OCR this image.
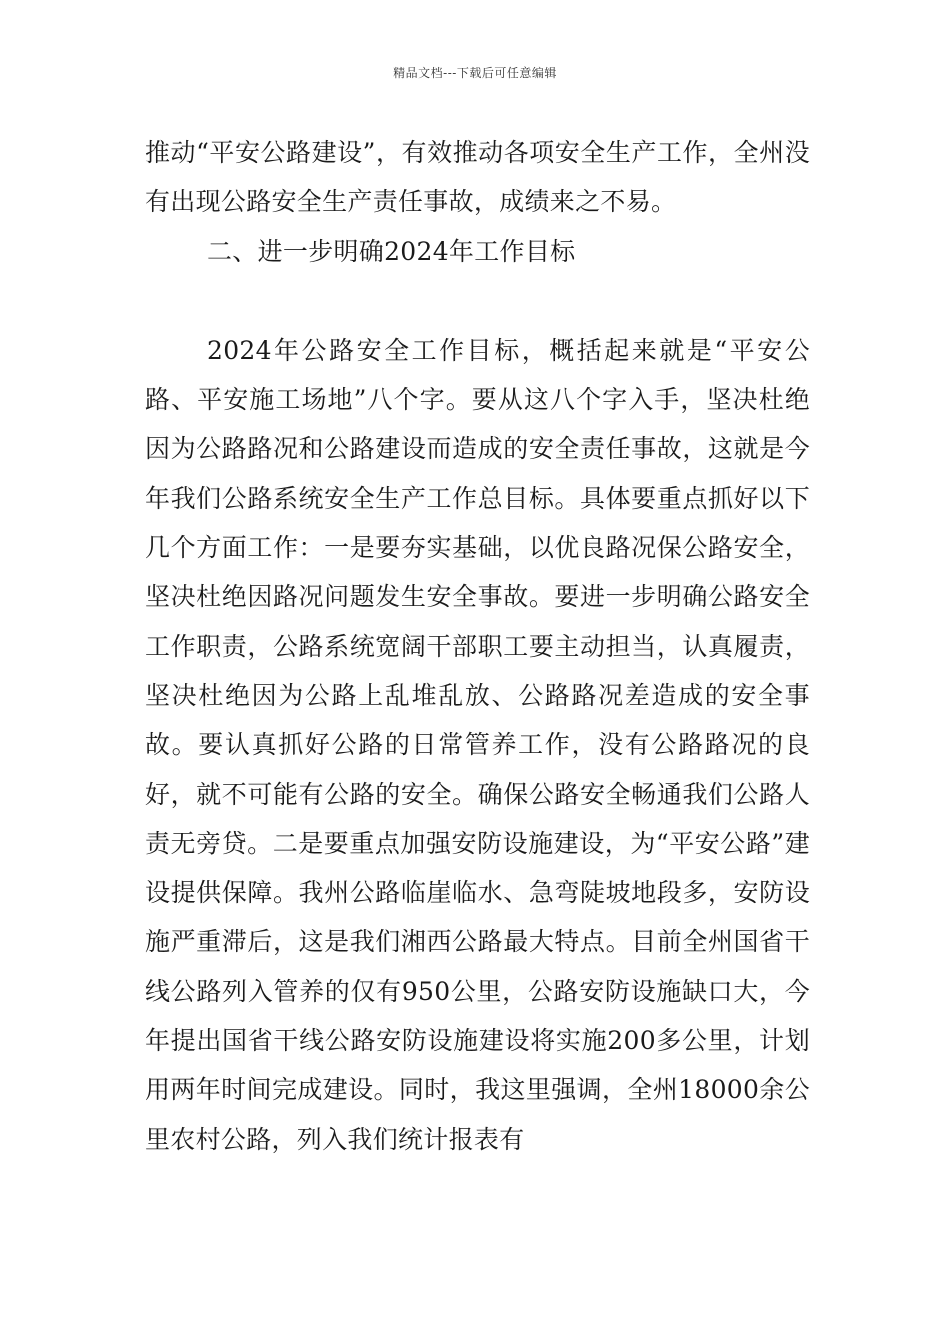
精品文档---下载后可任意编辑

推动“平安公路建设”，有效推动各项安全生产工作，全州没有出现公路安全生产责任事故，成绩来之不易。

二、进一步明确2024年工作目标

2024年公路安全工作目标，概括起来就是“平安公路、平安施工场地”八个字。要从这八个字入手，坚决杜绝因为公路路况和公路建设而造成的安全责任事故，这就是今年我们公路系统安全生产工作总目标。具体要重点抓好以下几个方面工作：一是要夯实基础，以优良路况保公路安全，坚决杜绝因路况问题发生安全事故。要进一步明确公路安全工作职责，公路系统宽阔干部职工要主动担当，认真履责，坚决杜绝因为公路上乱堆乱放、公路路况差造成的安全事故。要认真抓好公路的日常管养工作，没有公路路况的良好，就不可能有公路的安全。确保公路安全畅通我们公路人责无旁贷。二是要重点加强安防设施建设，为“平安公路”建设提供保障。我州公路临崖临水、急弯陡坡地段多，安防设施严重滞后，这是我们湘西公路最大特点。目前全州国省干线公路列入管养的仅有950公里，公路安防设施缺口大，今年提出国省干线公路安防设施建设将实施200多公里，计划用两年时间完成建设。同时，我这里强调，全州18000余公里农村公路，列入我们统计报表有
